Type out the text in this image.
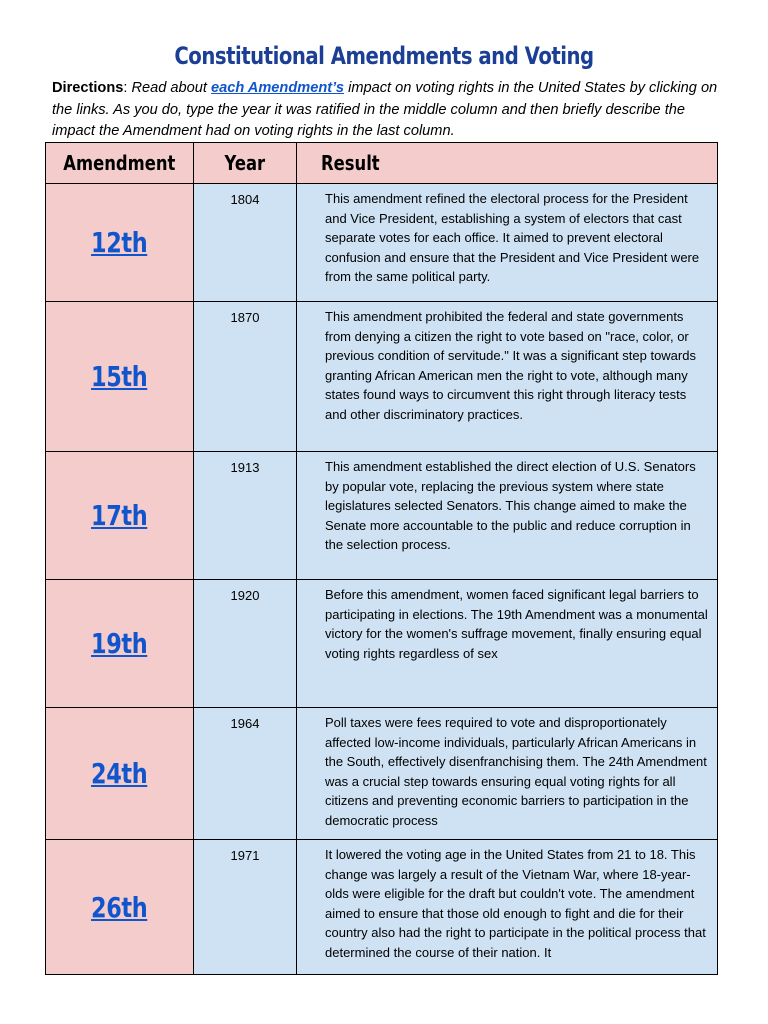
Constitutional Amendments and Voting

Directions: Read about each Amendment’s impact on voting rights in the United States by clicking on the links. As you do, type the year it was ratified in the middle column and then briefly describe the impact the Amendment had on voting rights in the last column.

Amendment	Year	Result
12th	1804	This amendment refined the electoral process for the President and Vice President, establishing a system of electors that cast separate votes for each office. It aimed to prevent electoral confusion and ensure that the President and Vice President were from the same political party.
15th	1870	This amendment prohibited the federal and state governments from denying a citizen the right to vote based on "race, color, or previous condition of servitude." It was a significant step towards granting African American men the right to vote, although many states found ways to circumvent this right through literacy tests and other discriminatory practices.
17th	1913	This amendment established the direct election of U.S. Senators by popular vote, replacing the previous system where state legislatures selected Senators. This change aimed to make the Senate more accountable to the public and reduce corruption in the selection process.
19th	1920	Before this amendment, women faced significant legal barriers to participating in elections. The 19th Amendment was a monumental victory for the women's suffrage movement, finally ensuring equal voting rights regardless of sex
24th	1964	Poll taxes were fees required to vote and disproportionately affected low-income individuals, particularly African Americans in the South, effectively disenfranchising them. The 24th Amendment was a crucial step towards ensuring equal voting rights for all citizens and preventing economic barriers to participation in the democratic process
26th	1971	It lowered the voting age in the United States from 21 to 18. This change was largely a result of the Vietnam War, where 18-year-olds were eligible for the draft but couldn't vote. The amendment aimed to ensure that those old enough to fight and die for their country also had the right to participate in the political process that determined the course of their nation. It
